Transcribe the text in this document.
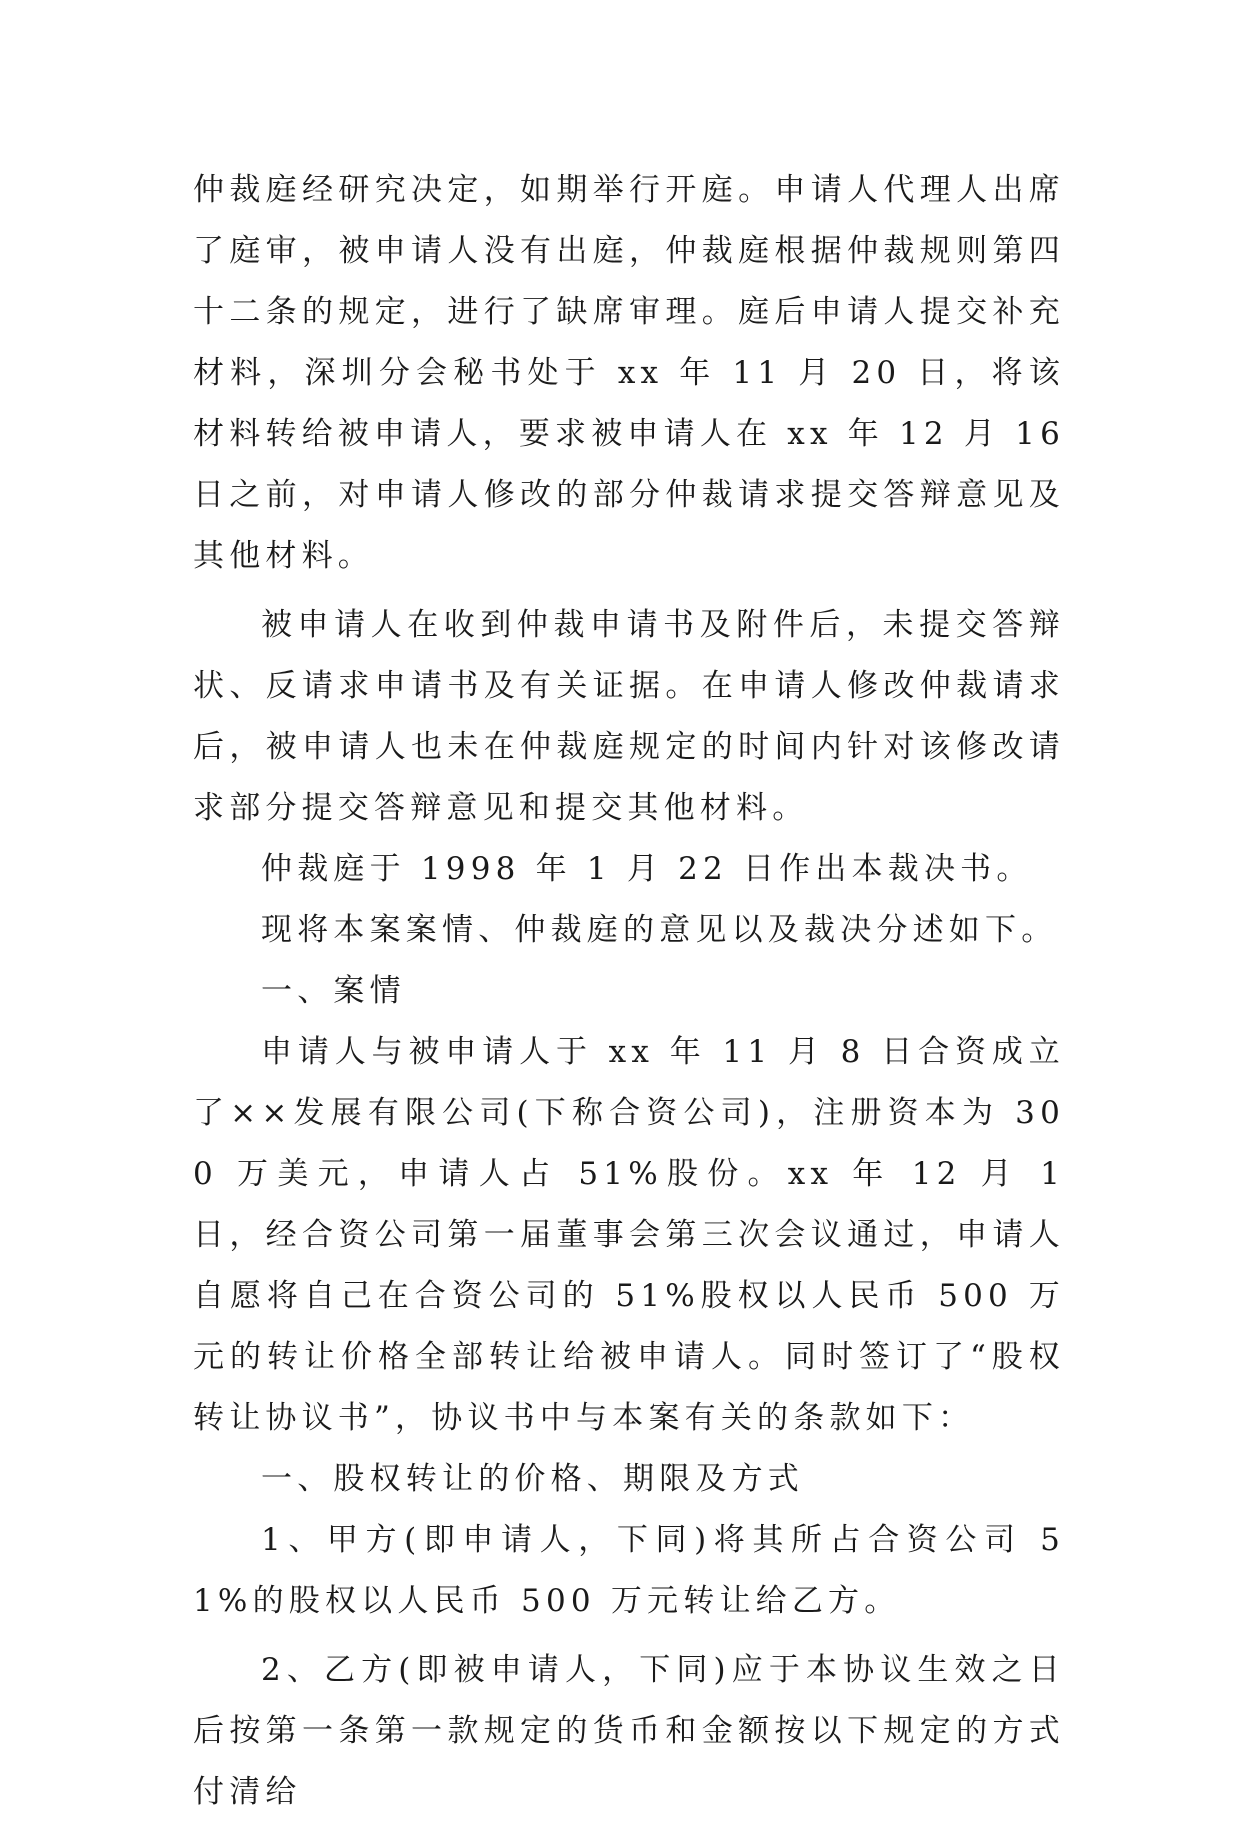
仲裁庭经研究决定，如期举行开庭。申请人代理人出席了庭审，被申请人没有出庭，仲裁庭根据仲裁规则第四十二条的规定，进行了缺席审理。庭后申请人提交补充材料，深圳分会秘书处于 xx 年 11 月 20 日，将该材料转给被申请人，要求被申请人在 xx 年 12 月 16 日之前，对申请人修改的部分仲裁请求提交答辩意见及其他材料。

被申请人在收到仲裁申请书及附件后，未提交答辩状、反请求申请书及有关证据。在申请人修改仲裁请求后，被申请人也未在仲裁庭规定的时间内针对该修改请求部分提交答辩意见和提交其他材料。

仲裁庭于 1998 年 1 月 22 日作出本裁决书。

现将本案案情、仲裁庭的意见以及裁决分述如下。

一、案情

申请人与被申请人于 xx 年 11 月 8 日合资成立了××发展有限公司(下称合资公司)，注册资本为 300 万美元，申请人占 51%股份。xx 年 12 月 1 日，经合资公司第一届董事会第三次会议通过，申请人自愿将自己在合资公司的 51%股权以人民币 500 万元的转让价格全部转让给被申请人。同时签订了“股权转让协议书”，协议书中与本案有关的条款如下：

一、股权转让的价格、期限及方式

1、甲方(即申请人，下同)将其所占合资公司 51%的股权以人民币 500 万元转让给乙方。

2、乙方(即被申请人，下同)应于本协议生效之日后按第一条第一款规定的货币和金额按以下规定的方式付清给
